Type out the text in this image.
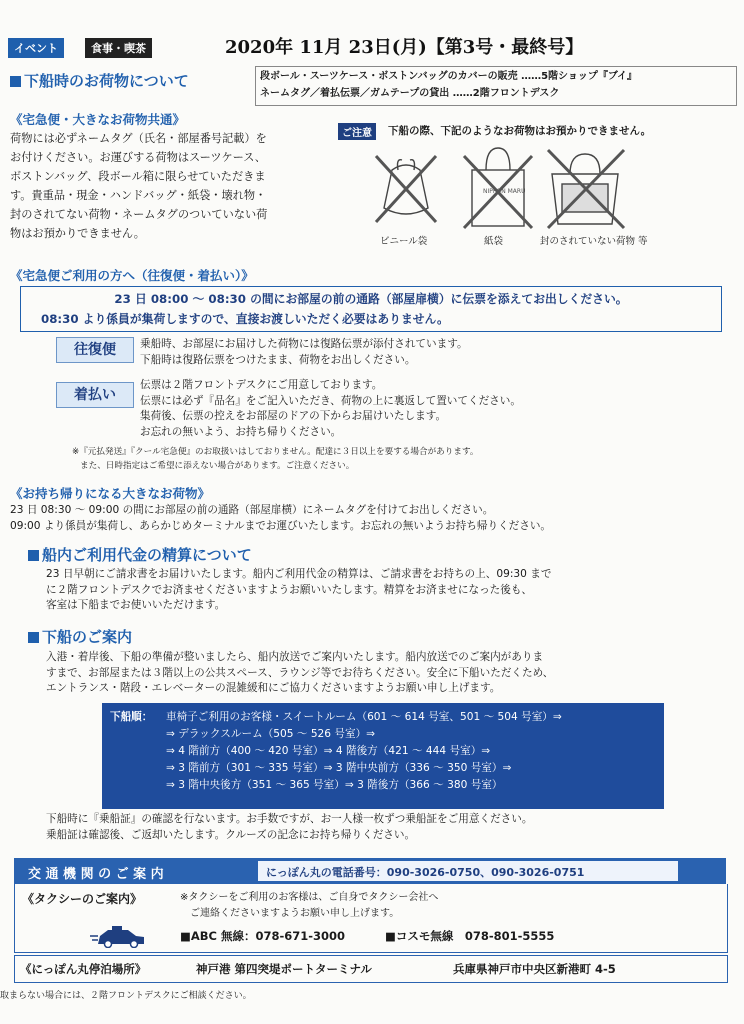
イベント	食事・喫茶	2020年 11月 23日(月)【第3号・最終号】
下船時のお荷物について	段ボール・スーツケース・ボストンバッグのカバーの販売 ……5階ショップ『ブイ』
ネームタグ／着払伝票／ガムテープの貸出 ……2階フロントデスク
《宅急便・大きなお荷物共通》
荷物には必ずネームタグ（氏名・部屋番号記載）を
お付けください。お運びする荷物はスーツケース、
ボストンバッグ、段ボール箱に限らせていただきま
す。貴重品・現金・ハンドバッグ・紙袋・壊れ物・
封のされてない荷物・ネームタグのついていない荷
物はお預かりできません。
ご注意	下船の際、下記のようなお荷物はお預かりできません。
NIPPON MARU
ビニール袋	紙袋	封のされていない荷物 等
《宅急便ご利用の方へ（往復便・着払い）》
23 日 08:00 ～ 08:30 の間にお部屋の前の通路（部屋扉横）に伝票を添えてお出しください。
08:30 より係員が集荷しますので、直接お渡しいただく必要はありません。
往復便	乗船時、お部屋にお届けした荷物には復路伝票が添付されています。
下船時は復路伝票をつけたまま、荷物をお出しください。
着払い
伝票は２階フロントデスクにご用意しております。
伝票には必ず『品名』をご記入いただき、荷物の上に裏返して置いてください。
集荷後、伝票の控えをお部屋のドアの下からお届けいたします。
お忘れの無いよう、お持ち帰りください。
※『元払発送』『クール宅急便』のお取扱いはしておりません。配達に３日以上を要する場合があります。
また、日時指定はご希望に添えない場合があります。ご注意ください。
《お持ち帰りになる大きなお荷物》
23 日 08:30 ～ 09:00 の間にお部屋の前の通路（部屋扉横）にネームタグを付けてお出しください。
09:00 より係員が集荷し、あらかじめターミナルまでお運びいたします。お忘れの無いようお持ち帰りください。
船内ご利用代金の精算について
23 日早朝にご請求書をお届けいたします。船内ご利用代金の精算は、ご請求書をお持ちの上、09:30 まで
に２階フロントデスクでお済ませくださいますようお願いいたします。精算をお済ませになった後も、
客室は下船までお使いいただけます。
下船のご案内
入港・着岸後、下船の準備が整いましたら、船内放送でご案内いたします。船内放送でのご案内がありま
すまで、お部屋または３階以上の公共スペース、ラウンジ等でお待ちください。安全に下船いただくため、
エントランス・階段・エレベーターの混雑緩和にご協力くださいますようお願い申し上げます。
下船順： 車椅子ご利用のお客様・スイートルーム（601 ～ 614 号室、501 ～ 504 号室）⇒
⇒ デラックスルーム（505 ～ 526 号室）⇒
⇒ 4 階前方（400 ～ 420 号室）⇒ 4 階後方（421 ～ 444 号室）⇒
⇒ 3 階前方（301 ～ 335 号室）⇒ 3 階中央前方（336 ～ 350 号室）⇒
⇒ 3 階中央後方（351 ～ 365 号室）⇒ 3 階後方（366 ～ 380 号室）
下船時に『乗船証』の確認を行ないます。お手数ですが、お一人様一枚ずつ乗船証をご用意ください。
乗船証は確認後、ご返却いたします。クルーズの記念にお持ち帰りください。
交 通 機 関 の ご 案 内	にっぽん丸の電話番号：090-3026-0750、090-3026-0751
《タクシーのご案内》	※タクシーをご利用のお客様は、ご自身でタクシー会社へ
ご連絡くださいますようお願い申し上げます。
■ABC 無線：078-671-3000	■コスモ無線　078-801-5555
《にっぽん丸停泊場所》	神戸港 第四突堤ポートターミナル	兵庫県神戸市中央区新港町 4-5
取まらない場合には、２階フロントデスクにご相談ください。
